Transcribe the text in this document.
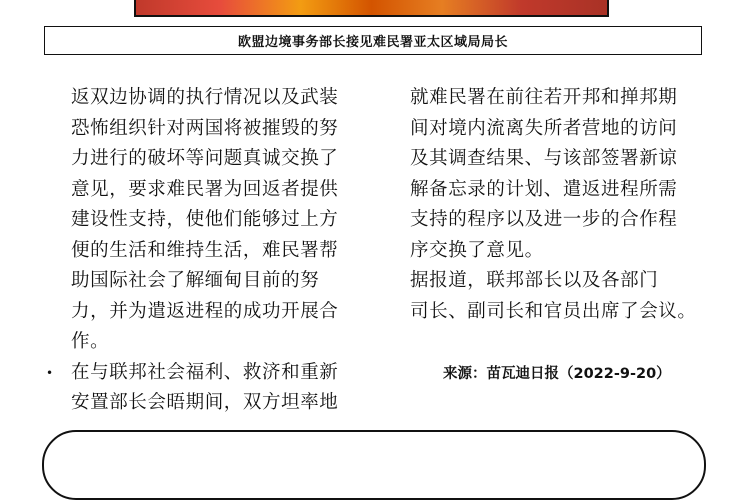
欧盟边境事务部长接见难民署亚太区域局局长

返双边协调的执行情况以及武装
恐怖组织针对两国将被摧毁的努
力进行的破坏等问题真诚交换了
意见，要求难民署为回返者提供
建设性支持，使他们能够过上方
便的生活和维持生活，难民署帮
助国际社会了解缅甸目前的努
力，并为遣返进程的成功开展合
作。

• 在与联邦社会福利、救济和重新
安置部长会晤期间，双方坦率地

就难民署在前往若开邦和掸邦期
间对境内流离失所者营地的访问
及其调查结果、与该部签署新谅
解备忘录的计划、遣返进程所需
支持的程序以及进一步的合作程
序交换了意见。

据报道，联邦部长以及各部门
司长、副司长和官员出席了会议。

来源：苗瓦迪日报（2022-9-20）
